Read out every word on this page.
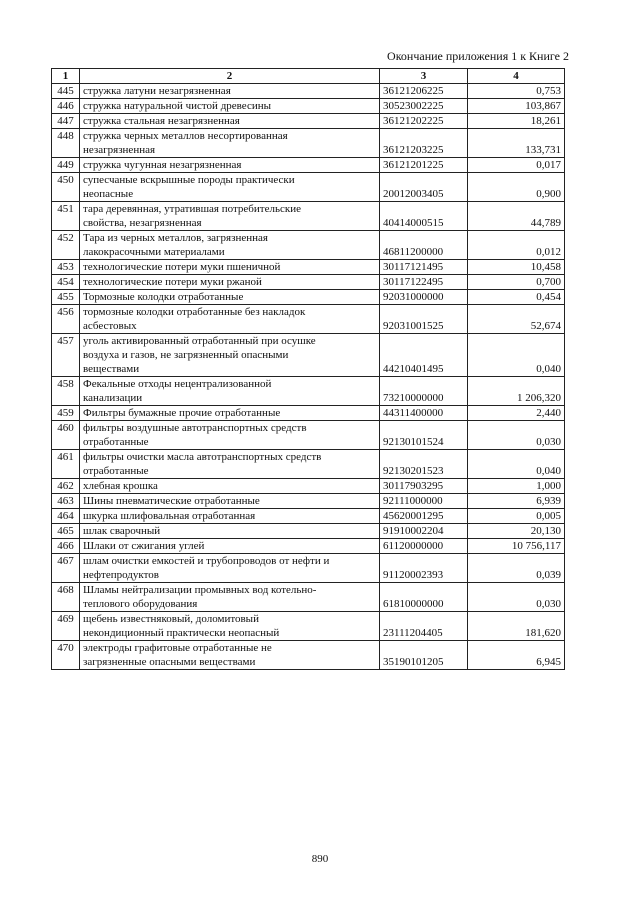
Окончание приложения 1 к Книге 2
1	2	3	4
445	стружка латуни незагрязненная	36121206225	0,753
446	стружка натуральной чистой древесины	30523002225	103,867
447	стружка стальная незагрязненная	36121202225	18,261
448	стружка черных металлов несортированная
незагрязненная	36121203225	133,731
449	стружка чугунная незагрязненная	36121201225	0,017
450	супесчаные вскрышные породы практически
неопасные	20012003405	0,900
451	тара деревянная, утратившая потребительские
свойства, незагрязненная	40414000515	44,789
452	Тара из черных металлов, загрязненная
лакокрасочными материалами	46811200000	0,012
453	технологические потери муки пшеничной	30117121495	10,458
454	технологические потери муки ржаной	30117122495	0,700
455	Тормозные колодки отработанные	92031000000	0,454
456	тормозные колодки отработанные без накладок
асбестовых	92031001525	52,674
457	уголь активированный отработанный при осушке
воздуха и газов, не загрязненный опасными
веществами	44210401495	0,040
458	Фекальные отходы нецентрализованной
канализации	73210000000	1 206,320
459	Фильтры бумажные прочие отработанные	44311400000	2,440
460	фильтры воздушные автотранспортных средств
отработанные	92130101524	0,030
461	фильтры очистки масла автотранспортных средств
отработанные	92130201523	0,040
462	хлебная крошка	30117903295	1,000
463	Шины пневматические отработанные	92111000000	6,939
464	шкурка шлифовальная отработанная	45620001295	0,005
465	шлак сварочный	91910002204	20,130
466	Шлаки от сжигания углей	61120000000	10 756,117
467	шлам очистки емкостей и трубопроводов от нефти и
нефтепродуктов	91120002393	0,039
468	Шламы нейтрализации промывных вод котельно-
теплового оборудования	61810000000	0,030
469	щебень известняковый, доломитовый
некондиционный практически неопасный	23111204405	181,620
470	электроды графитовые отработанные не
загрязненные опасными веществами	35190101205	6,945
890
